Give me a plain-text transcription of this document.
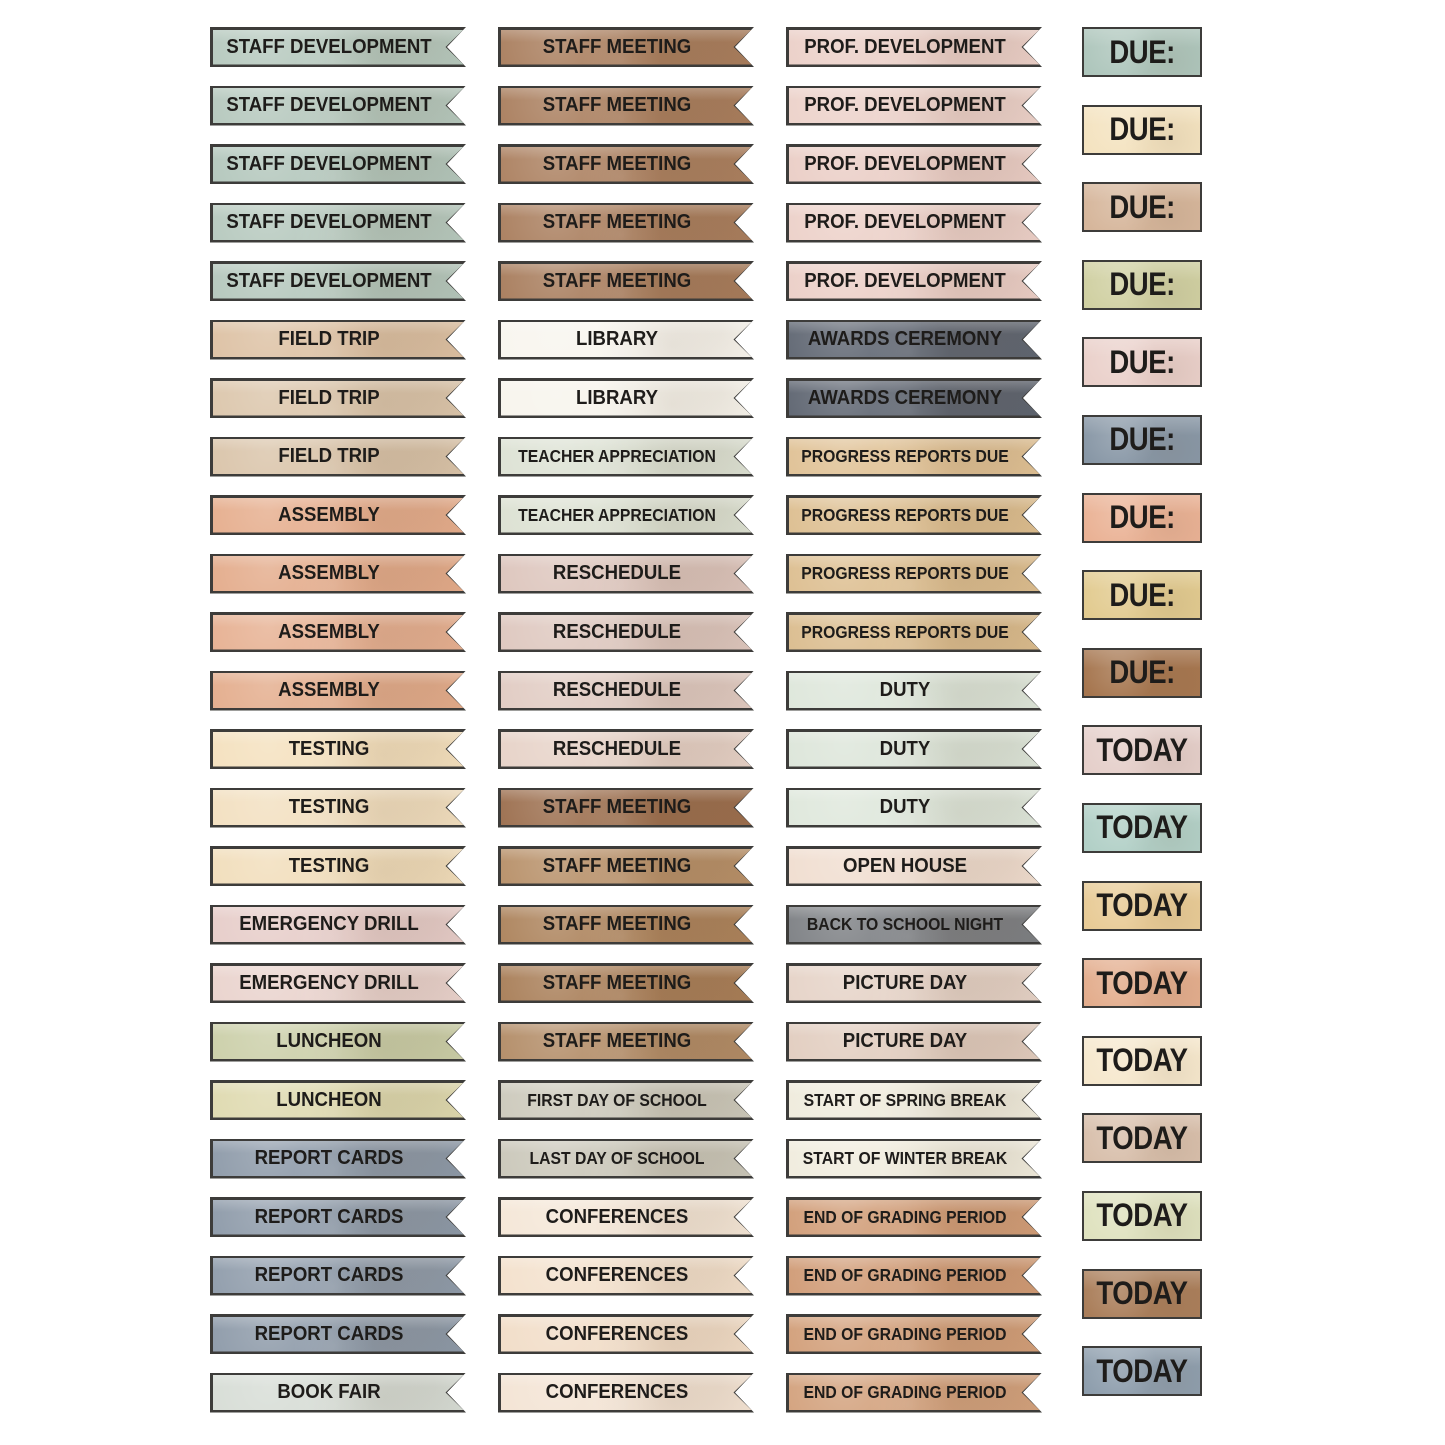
STAFF DEVELOPMENT
STAFF DEVELOPMENT
STAFF DEVELOPMENT
STAFF DEVELOPMENT
STAFF DEVELOPMENT
FIELD TRIP
FIELD TRIP
FIELD TRIP
ASSEMBLY
ASSEMBLY
ASSEMBLY
ASSEMBLY
TESTING
TESTING
TESTING
EMERGENCY DRILL
EMERGENCY DRILL
LUNCHEON
LUNCHEON
REPORT CARDS
REPORT CARDS
REPORT CARDS
REPORT CARDS
BOOK FAIR
STAFF MEETING
STAFF MEETING
STAFF MEETING
STAFF MEETING
STAFF MEETING
LIBRARY
LIBRARY
TEACHER APPRECIATION
TEACHER APPRECIATION
RESCHEDULE
RESCHEDULE
RESCHEDULE
RESCHEDULE
STAFF MEETING
STAFF MEETING
STAFF MEETING
STAFF MEETING
STAFF MEETING
FIRST DAY OF SCHOOL
LAST DAY OF SCHOOL
CONFERENCES
CONFERENCES
CONFERENCES
CONFERENCES
PROF. DEVELOPMENT
PROF. DEVELOPMENT
PROF. DEVELOPMENT
PROF. DEVELOPMENT
PROF. DEVELOPMENT
AWARDS CEREMONY
AWARDS CEREMONY
PROGRESS REPORTS DUE
PROGRESS REPORTS DUE
PROGRESS REPORTS DUE
PROGRESS REPORTS DUE
DUTY
DUTY
DUTY
OPEN HOUSE
BACK TO SCHOOL NIGHT
PICTURE DAY
PICTURE DAY
START OF SPRING BREAK
START OF WINTER BREAK
END OF GRADING PERIOD
END OF GRADING PERIOD
END OF GRADING PERIOD
END OF GRADING PERIOD
DUE:
DUE:
DUE:
DUE:
DUE:
DUE:
DUE:
DUE:
DUE:
TODAY
TODAY
TODAY
TODAY
TODAY
TODAY
TODAY
TODAY
TODAY
